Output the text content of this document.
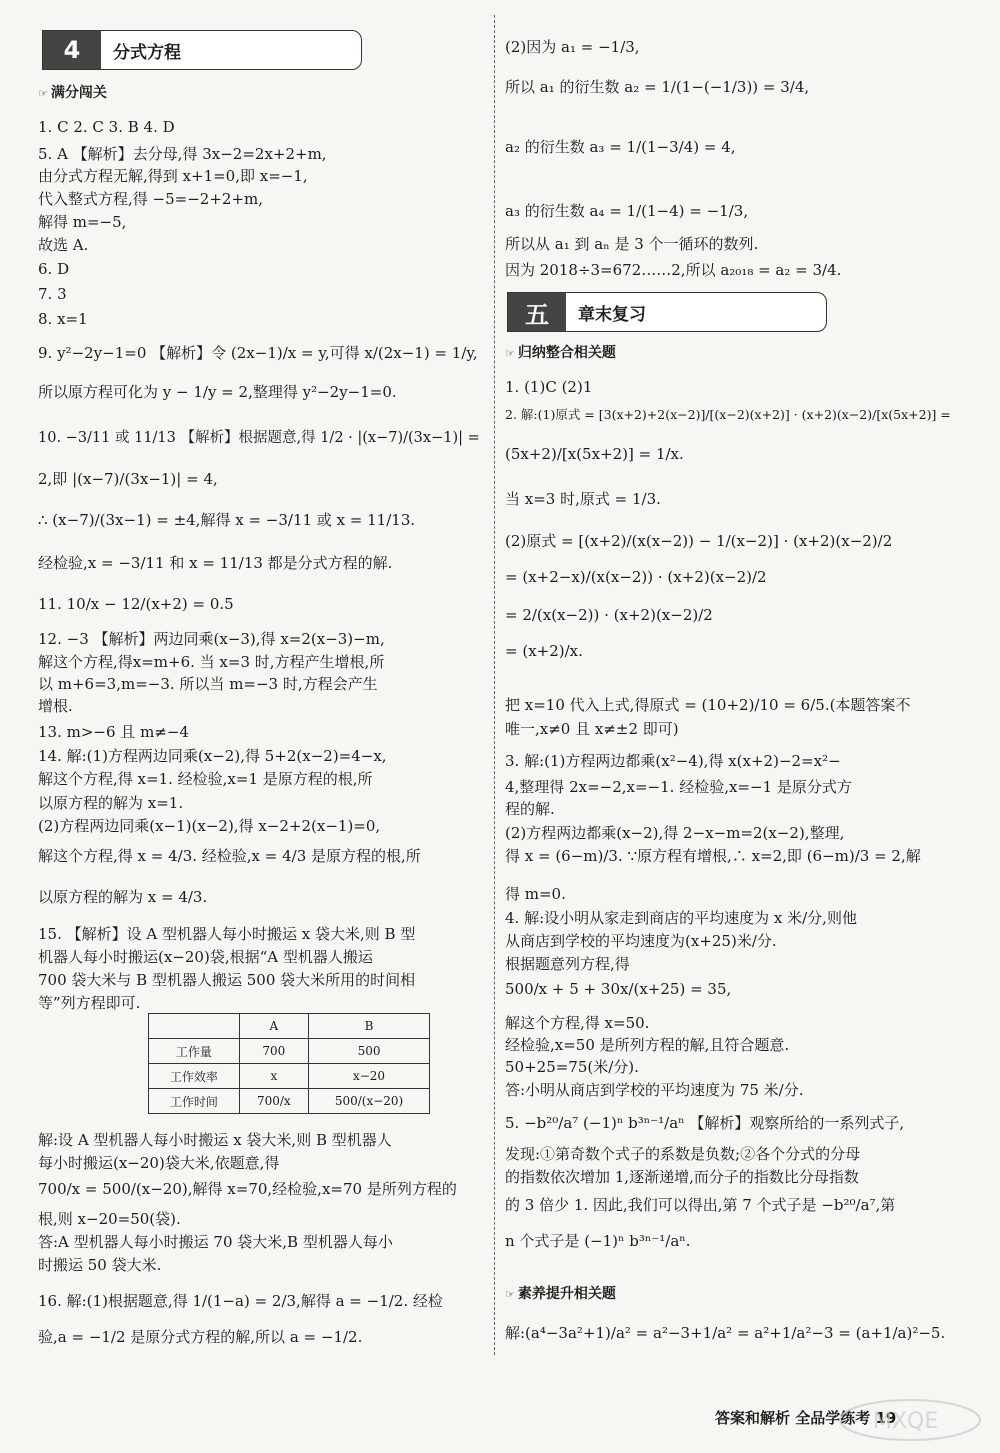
4	分式方程
☞ 满分闯关
1. C 2. C 3. B 4. D
5. A 【解析】去分母,得 3x−2=2x+2+m,
由分式方程无解,得到 x+1=0,即 x=−1,
代入整式方程,得 −5=−2+2+m,
解得 m=−5,
故选 A.
6. D
7. 3
8. x=1
9. y²−2y−1=0 【解析】令 (2x−1)/x = y,可得 x/(2x−1) = 1/y,
所以原方程可化为 y − 1/y = 2,整理得 y²−2y−1=0.
10. −3/11 或 11/13 【解析】根据题意,得 1/2 · |(x−7)/(3x−1)| =
2,即 |(x−7)/(3x−1)| = 4,
∴ (x−7)/(3x−1) = ±4,解得 x = −3/11 或 x = 11/13.
经检验,x = −3/11 和 x = 11/13 都是分式方程的解.
11. 10/x − 12/(x+2) = 0.5
12. −3 【解析】两边同乘(x−3),得 x=2(x−3)−m,
解这个方程,得x=m+6. 当 x=3 时,方程产生增根,所
以 m+6=3,m=−3. 所以当 m=−3 时,方程会产生
增根.
13. m>−6 且 m≠−4
14. 解:(1)方程两边同乘(x−2),得 5+2(x−2)=4−x,
解这个方程,得 x=1. 经检验,x=1 是原方程的根,所
以原方程的解为 x=1.
(2)方程两边同乘(x−1)(x−2),得 x−2+2(x−1)=0,
解这个方程,得 x = 4/3. 经检验,x = 4/3 是原方程的根,所
以原方程的解为 x = 4/3.
15. 【解析】设 A 型机器人每小时搬运 x 袋大米,则 B 型
机器人每小时搬运(x−20)袋,根据“A 型机器人搬运
700 袋大米与 B 型机器人搬运 500 袋大米所用的时间相
等”列方程即可.
解:设 A 型机器人每小时搬运 x 袋大米,则 B 型机器人
每小时搬运(x−20)袋大米,依题意,得
700/x = 500/(x−20),解得 x=70,经检验,x=70 是所列方程的
根,则 x−20=50(袋).
答:A 型机器人每小时搬运 70 袋大米,B 型机器人每小
时搬运 50 袋大米.
16. 解:(1)根据题意,得 1/(1−a) = 2/3,解得 a = −1/2. 经检
验,a = −1/2 是原分式方程的解,所以 a = −1/2.
	A	B
工作量	700	500
工作效率	x	x−20
工作时间	700/x	500/(x−20)
五	章末复习
☞ 归纳整合相关题
☞ 素养提升相关题
(2)因为 a₁ = −1/3,
所以 a₁ 的衍生数 a₂ = 1/(1−(−1/3)) = 3/4,
a₂ 的衍生数 a₃ = 1/(1−3/4) = 4,
a₃ 的衍生数 a₄ = 1/(1−4) = −1/3,
所以从 a₁ 到 aₙ 是 3 个一循环的数列.
因为 2018÷3=672……2,所以 a₂₀₁₈ = a₂ = 3/4.
1. (1)C (2)1
2. 解:(1)原式 = [3(x+2)+2(x−2)]/[(x−2)(x+2)] · (x+2)(x−2)/[x(5x+2)] =
(5x+2)/[x(5x+2)] = 1/x.
当 x=3 时,原式 = 1/3.
(2)原式 = [(x+2)/(x(x−2)) − 1/(x−2)] · (x+2)(x−2)/2
= (x+2−x)/(x(x−2)) · (x+2)(x−2)/2
= 2/(x(x−2)) · (x+2)(x−2)/2
= (x+2)/x.
把 x=10 代入上式,得原式 = (10+2)/10 = 6/5.(本题答案不
唯一,x≠0 且 x≠±2 即可)
3. 解:(1)方程两边都乘(x²−4),得 x(x+2)−2=x²−
4,整理得 2x=−2,x=−1. 经检验,x=−1 是原分式方
程的解.
(2)方程两边都乘(x−2),得 2−x−m=2(x−2),整理,
得 x = (6−m)/3. ∵原方程有增根,∴ x=2,即 (6−m)/3 = 2,解
得 m=0.
4. 解:设小明从家走到商店的平均速度为 x 米/分,则他
从商店到学校的平均速度为(x+25)米/分.
根据题意列方程,得
500/x + 5 + 30x/(x+25) = 35,
解这个方程,得 x=50.
经检验,x=50 是所列方程的解,且符合题意.
50+25=75(米/分).
答:小明从商店到学校的平均速度为 75 米/分.
5. −b²⁰/a⁷ (−1)ⁿ b³ⁿ⁻¹/aⁿ 【解析】观察所给的一系列式子,
发现:①第奇数个式子的系数是负数;②各个分式的分母
的指数依次增加 1,逐渐递增,而分子的指数比分母指数
的 3 倍少 1. 因此,我们可以得出,第 7 个式子是 −b²⁰/a⁷,第
n 个式子是 (−1)ⁿ b³ⁿ⁻¹/aⁿ.
解:(a⁴−3a²+1)/a² = a²−3+1/a² = a²+1/a²−3 = (a+1/a)²−5.
答案和解析 全品学练考 19
MXQE
